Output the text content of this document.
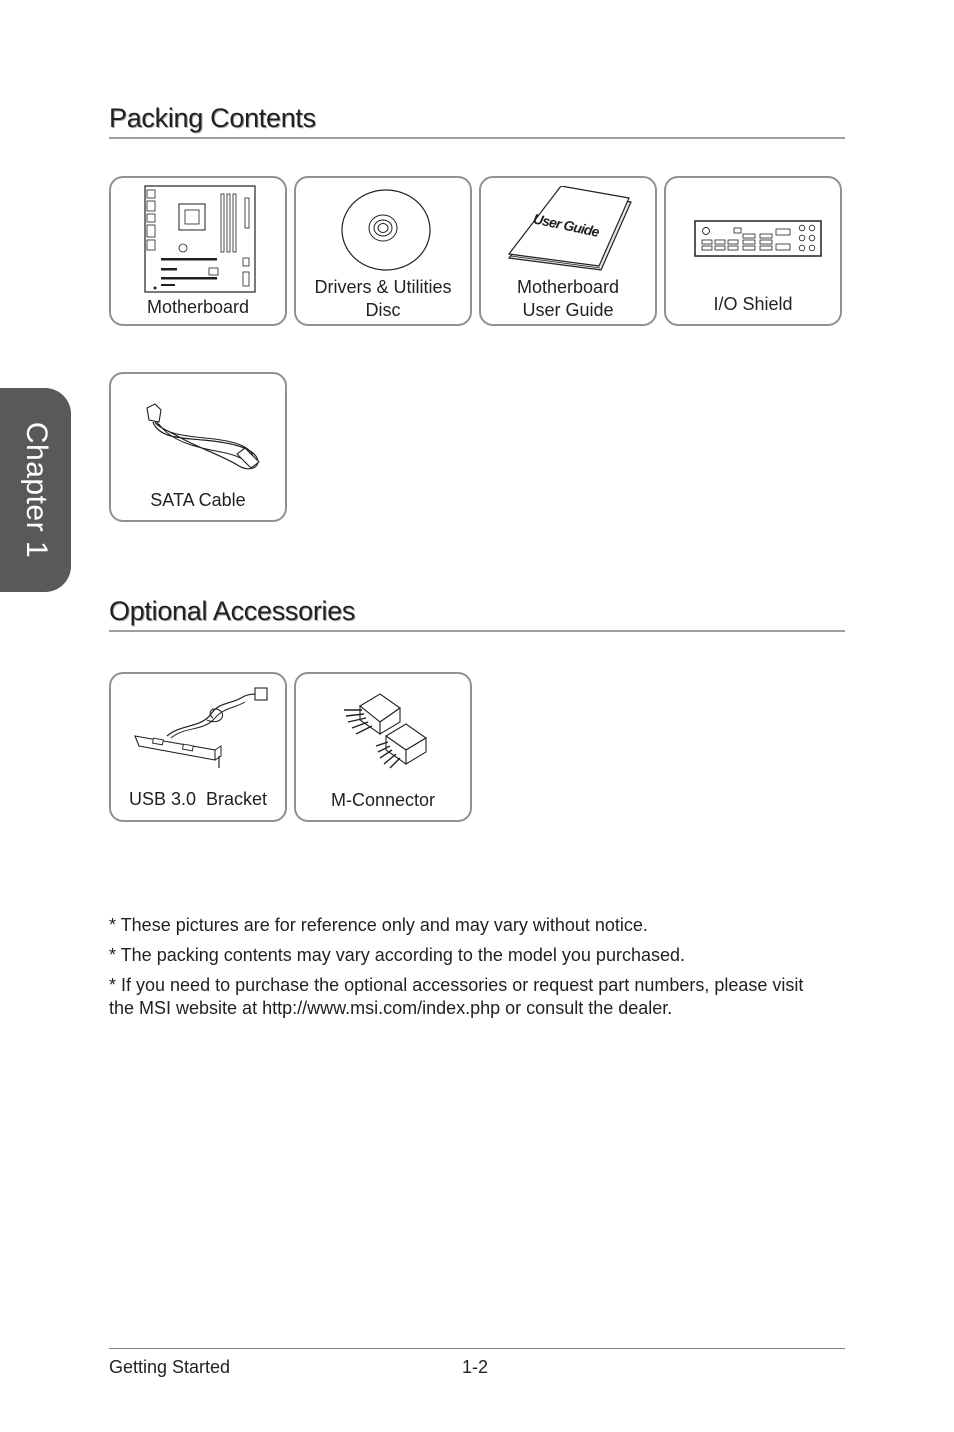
Chapter 1
Packing Contents
Motherboard
Drivers & Utilities
Disc
User Guide
Motherboard
User Guide	I/O Shield
SATA Cable
Optional Accessories
USB 3.0  Bracket	M-Connector

* These pictures are for reference only and may vary without notice.

* The packing contents may vary according to the model you purchased.

* If you need to purchase the optional accessories or request part numbers, please visit the MSI website at http://www.msi.com/index.php or consult the dealer.

Getting Started	1-2
